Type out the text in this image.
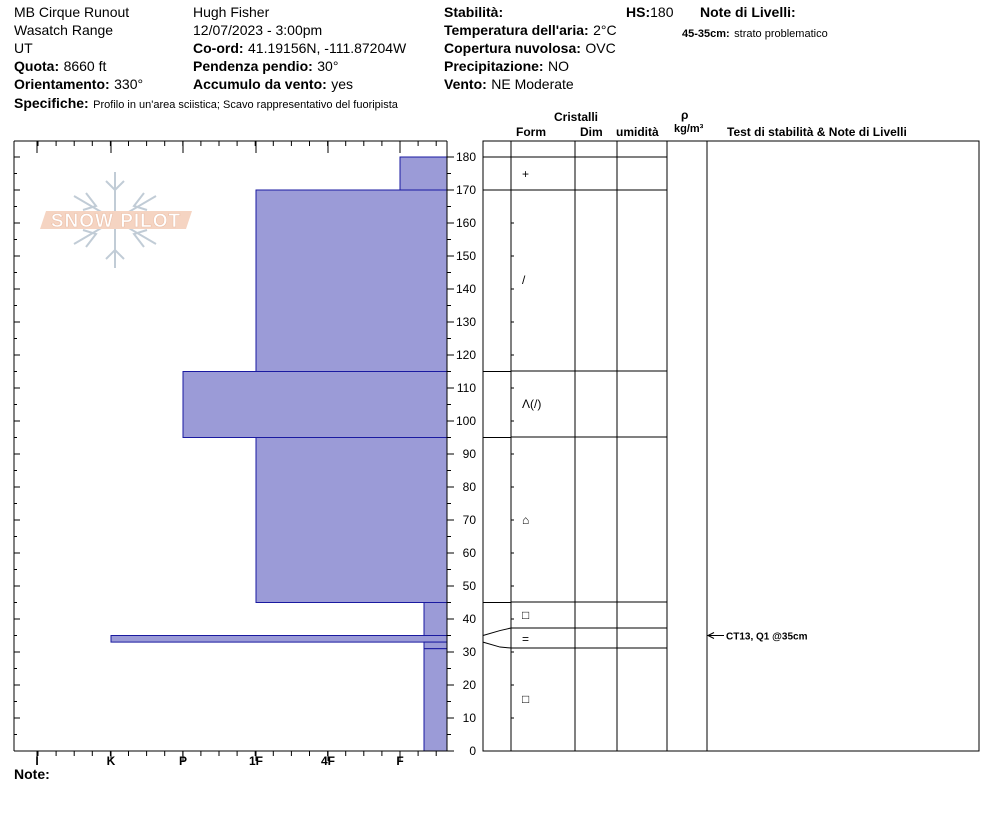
MB Cirque Runout
Wasatch Range
UT
Quota: 8660 ft
Orientamento: 330°
Specifiche: Profilo in un'area sciistica; Scavo rappresentativo del fuoripista
Hugh Fisher
12/07/2023 - 3:00pm
Co-ord: 41.19156N, -111.87204W
Pendenza pendio: 30°
Accumulo da vento: yes
Stabilità:	HS:180
Temperatura dell'aria: 2°C
Copertura nuvolosa: OVC
Precipitazione: NO
Vento: NE Moderate
Note di Livelli:
45-35cm: strato problematico
Cristalli
Form	Dim umidità
ρ
kg/m³ Test di stabilità & Note di Livelli
Note:
SNOW PILOT
0
10
20
30
40
50
60
70
80
90
100
110
120
130
140
150
160
170
180
I	K	P	1F	4F	F
+
/
Λ(/)
⌂
□
=
□
CT13, Q1 @35cm
